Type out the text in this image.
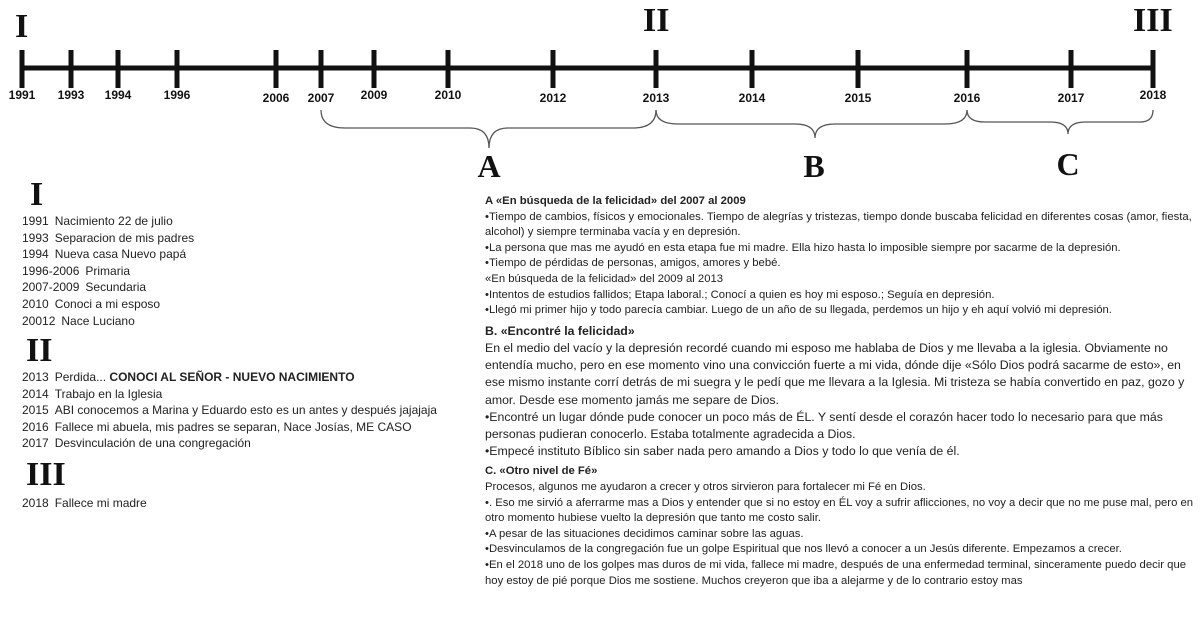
I	II	III
1991 1993 1994	1996	2006 2007 2009	2010	2012	2013	2014	2015	2016	2017	2018
A	B	C
I
1991 Nacimiento 22 de julio
1993 Separacion de mis padres
1994 Nueva casa Nuevo papá
1996-2006 Primaria
2007-2009 Secundaria
2010 Conoci a mi esposo
20012 Nace Luciano
II
2013 Perdida... CONOCI AL SEÑOR - NUEVO NACIMIENTO
2014 Trabajo en la Iglesia
2015 ABI conocemos a Marina y Eduardo esto es un antes y después jajajaja
2016 Fallece mi abuela, mis padres se separan, Nace Josías, ME CASO
2017 Desvinculación de una congregación
III
2018 Fallece mi madre

A «En búsqueda de la felicidad» del 2007 al 2009

•Tiempo de cambios, físicos y emocionales. Tiempo de alegrías y tristezas, tiempo donde buscaba felicidad en diferentes cosas (amor, fiesta, alcohol) y siempre terminaba vacía y en depresión.

•La persona que mas me ayudó en esta etapa fue mi madre. Ella hizo hasta lo imposible siempre por sacarme de la depresión.

•Tiempo de pérdidas de personas, amigos, amores y bebé.

«En búsqueda de la felicidad» del 2009 al 2013

•Intentos de estudios fallidos; Etapa laboral.; Conocí a quien es hoy mi esposo.; Seguía en depresión.

•Llegó mi primer hijo y todo parecía cambiar. Luego de un año de su llegada, perdemos un hijo y eh aquí volvió mi depresión.

B. «Encontré la felicidad»

En el medio del vacío y la depresión recordé cuando mi esposo me hablaba de Dios y me llevaba a la iglesia. Obviamente no entendía mucho, pero en ese momento vino una convicción fuerte a mi vida, dónde dije «Sólo Dios podrá sacarme de esto», en ese mismo instante corrí detrás de mi suegra y le pedí que me llevara a la Iglesia. Mi tristeza se había convertido en paz, gozo y amor. Desde ese momento jamás me separe de Dios.

•Encontré un lugar dónde pude conocer un poco más de ÉL. Y sentí desde el corazón hacer todo lo necesario para que más personas pudieran conocerlo. Estaba totalmente agradecida a Dios.

•Empecé instituto Bíblico sin saber nada pero amando a Dios y todo lo que venía de él.

C. «Otro nivel de Fé»

Procesos, algunos me ayudaron a crecer y otros sirvieron para fortalecer mi Fé en Dios.

•. Eso me sirvió a aferrarme mas a Dios y entender que si no estoy en ÉL voy a sufrir aflicciones, no voy a decir que no me puse mal, pero en otro momento hubiese vuelto la depresión que tanto me costo salir.

•A pesar de las situaciones decidimos caminar sobre las aguas.

•Desvinculamos de la congregación fue un golpe Espiritual que nos llevó a conocer a un Jesús diferente. Empezamos a crecer.

•En el 2018 uno de los golpes mas duros de mi vida, fallece mi madre, después de una enfermedad terminal, sinceramente puedo decir que hoy estoy de pié porque Dios me sostiene. Muchos creyeron que iba a alejarme y de lo contrario estoy mas
